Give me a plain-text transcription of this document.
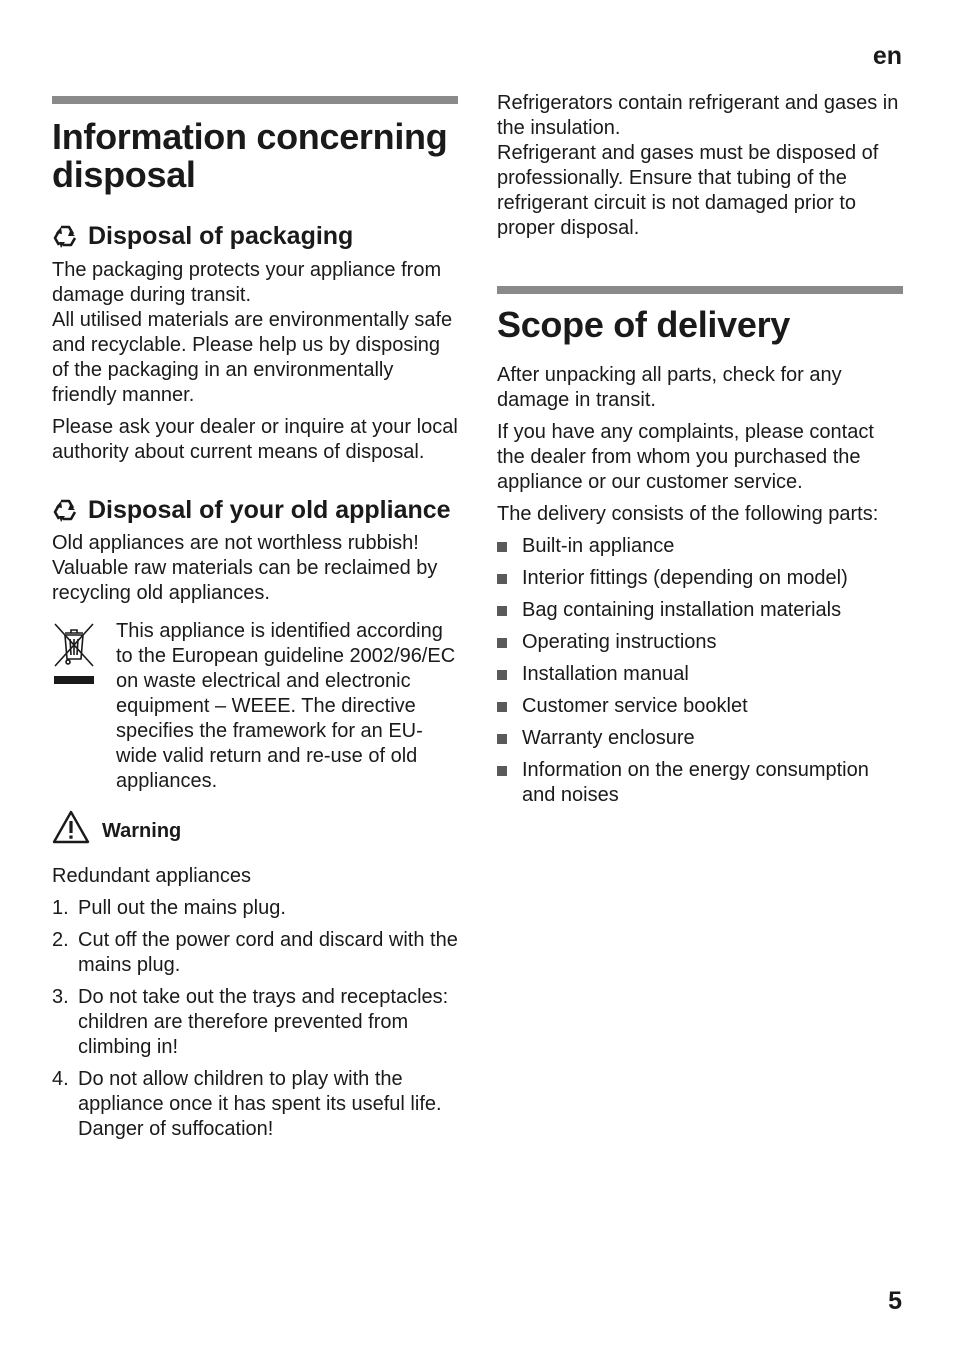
en
Information concerning disposal
Disposal of packaging

The packaging protects your appliance from damage during transit.

All utilised materials are environmentally safe and recyclable. Please help us by disposing of the packaging in an environmentally friendly manner.

Please ask your dealer or inquire at your local authority about current means of disposal.

Disposal of your old appliance

Old appliances are not worthless rubbish! Valuable raw materials can be reclaimed by recycling old appliances.

This appliance is identified according to the European guideline 2002/96/EC on waste electrical and electronic equipment – WEEE. The directive specifies the framework for an EU-wide valid return and re-use of old appliances.

Warning

Redundant appliances

1. Pull out the mains plug.
2. Cut off the power cord and discard with the mains plug.
3. Do not take out the trays and receptacles: children are therefore prevented from climbing in!
4. Do not allow children to play with the appliance once it has spent its useful life. Danger of suffocation!

Refrigerators contain refrigerant and gases in the insulation.

Refrigerant and gases must be disposed of professionally. Ensure that tubing of the refrigerant circuit is not damaged prior to proper disposal.

Scope of delivery

After unpacking all parts, check for any damage in transit.

If you have any complaints, please contact the dealer from whom you purchased the appliance or our customer service.

The delivery consists of the following parts:

Built-in appliance
Interior fittings (depending on model)
Bag containing installation materials
Operating instructions
Installation manual
Customer service booklet
Warranty enclosure
Information on the energy consumption and noises
5
